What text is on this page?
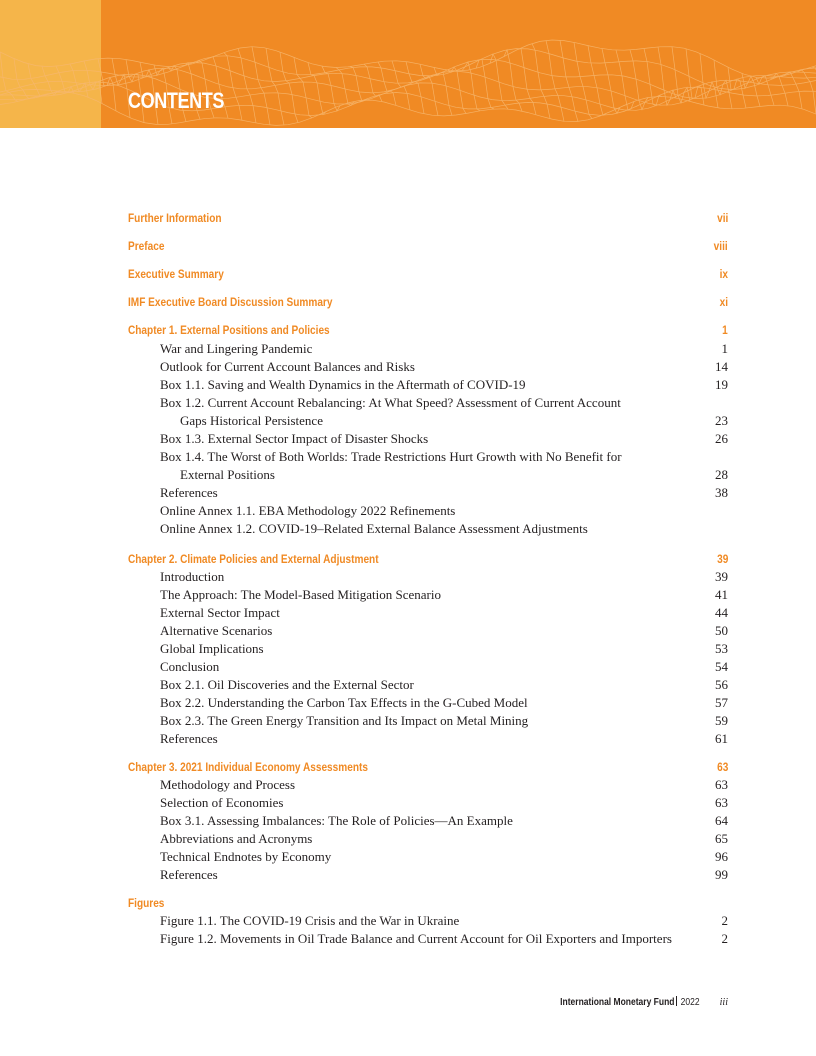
CONTENTS
Further Information	vii
Preface	viii
Executive Summary	ix
IMF Executive Board Discussion Summary	xi
Chapter 1. External Positions and Policies	1
War and Lingering Pandemic	1
Outlook for Current Account Balances and Risks	14
Box 1.1. Saving and Wealth Dynamics in the Aftermath of COVID-19	19
Box 1.2. Current Account Rebalancing: At What Speed? Assessment of Current Account
Gaps Historical Persistence	23
Box 1.3. External Sector Impact of Disaster Shocks	26
Box 1.4. The Worst of Both Worlds: Trade Restrictions Hurt Growth with No Benefit for
External Positions	28
References	38
Online Annex 1.1. EBA Methodology 2022 Refinements
Online Annex 1.2. COVID-19–Related External Balance Assessment Adjustments
Chapter 2. Climate Policies and External Adjustment	39
Introduction	39
The Approach: The Model-Based Mitigation Scenario	41
External Sector Impact	44
Alternative Scenarios	50
Global Implications	53
Conclusion	54
Box 2.1. Oil Discoveries and the External Sector	56
Box 2.2. Understanding the Carbon Tax Effects in the G-Cubed Model	57
Box 2.3. The Green Energy Transition and Its Impact on Metal Mining	59
References	61
Chapter 3. 2021 Individual Economy Assessments	63
Methodology and Process	63
Selection of Economies	63
Box 3.1. Assessing Imbalances: The Role of Policies—An Example	64
Abbreviations and Acronyms	65
Technical Endnotes by Economy	96
References	99
Figures
Figure 1.1. The COVID-19 Crisis and the War in Ukraine	2
Figure 1.2. Movements in Oil Trade Balance and Current Account for Oil Exporters and Importers	2
International Monetary Fund 2022 iii
